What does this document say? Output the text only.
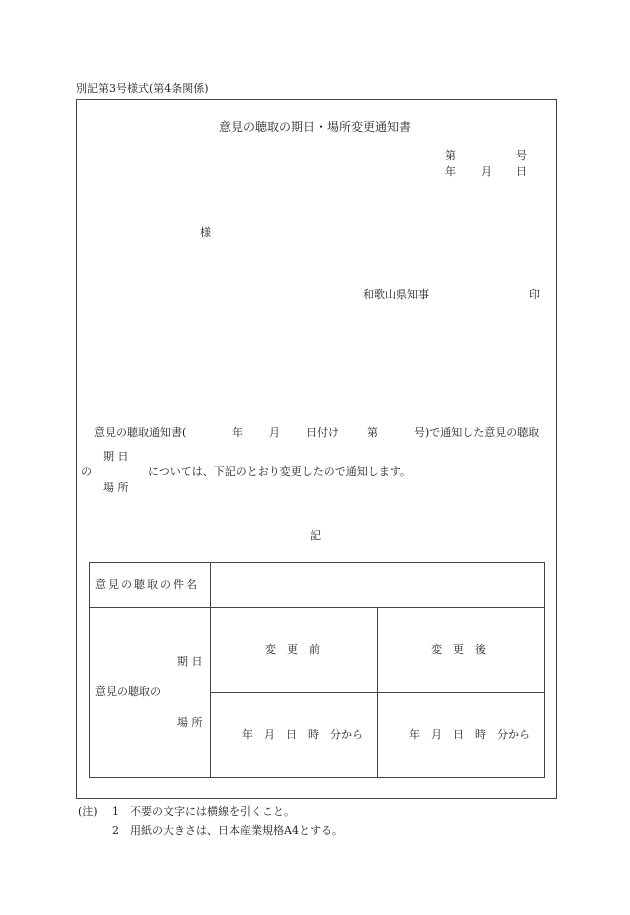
別記第3号様式(第4条関係)
意見の聴取の期日・場所変更通知書
第	号
年 月 日
様
和歌山県知事	印
意見の聴取通知書(	年 月 日付け	第	号)で通知した意見の聴取
期 日
の	については、下記のとおり変更したので通知します。
場 所
記
意見の聴取の件名
期 日
意見の聴取の
場 所
変　更　前	変　更　後
年　月　日　時　分から	年　月　日　時　分から
(注) 1 不要の文字には横線を引くこと。
2 用紙の大きさは、日本産業規格A4とする。
